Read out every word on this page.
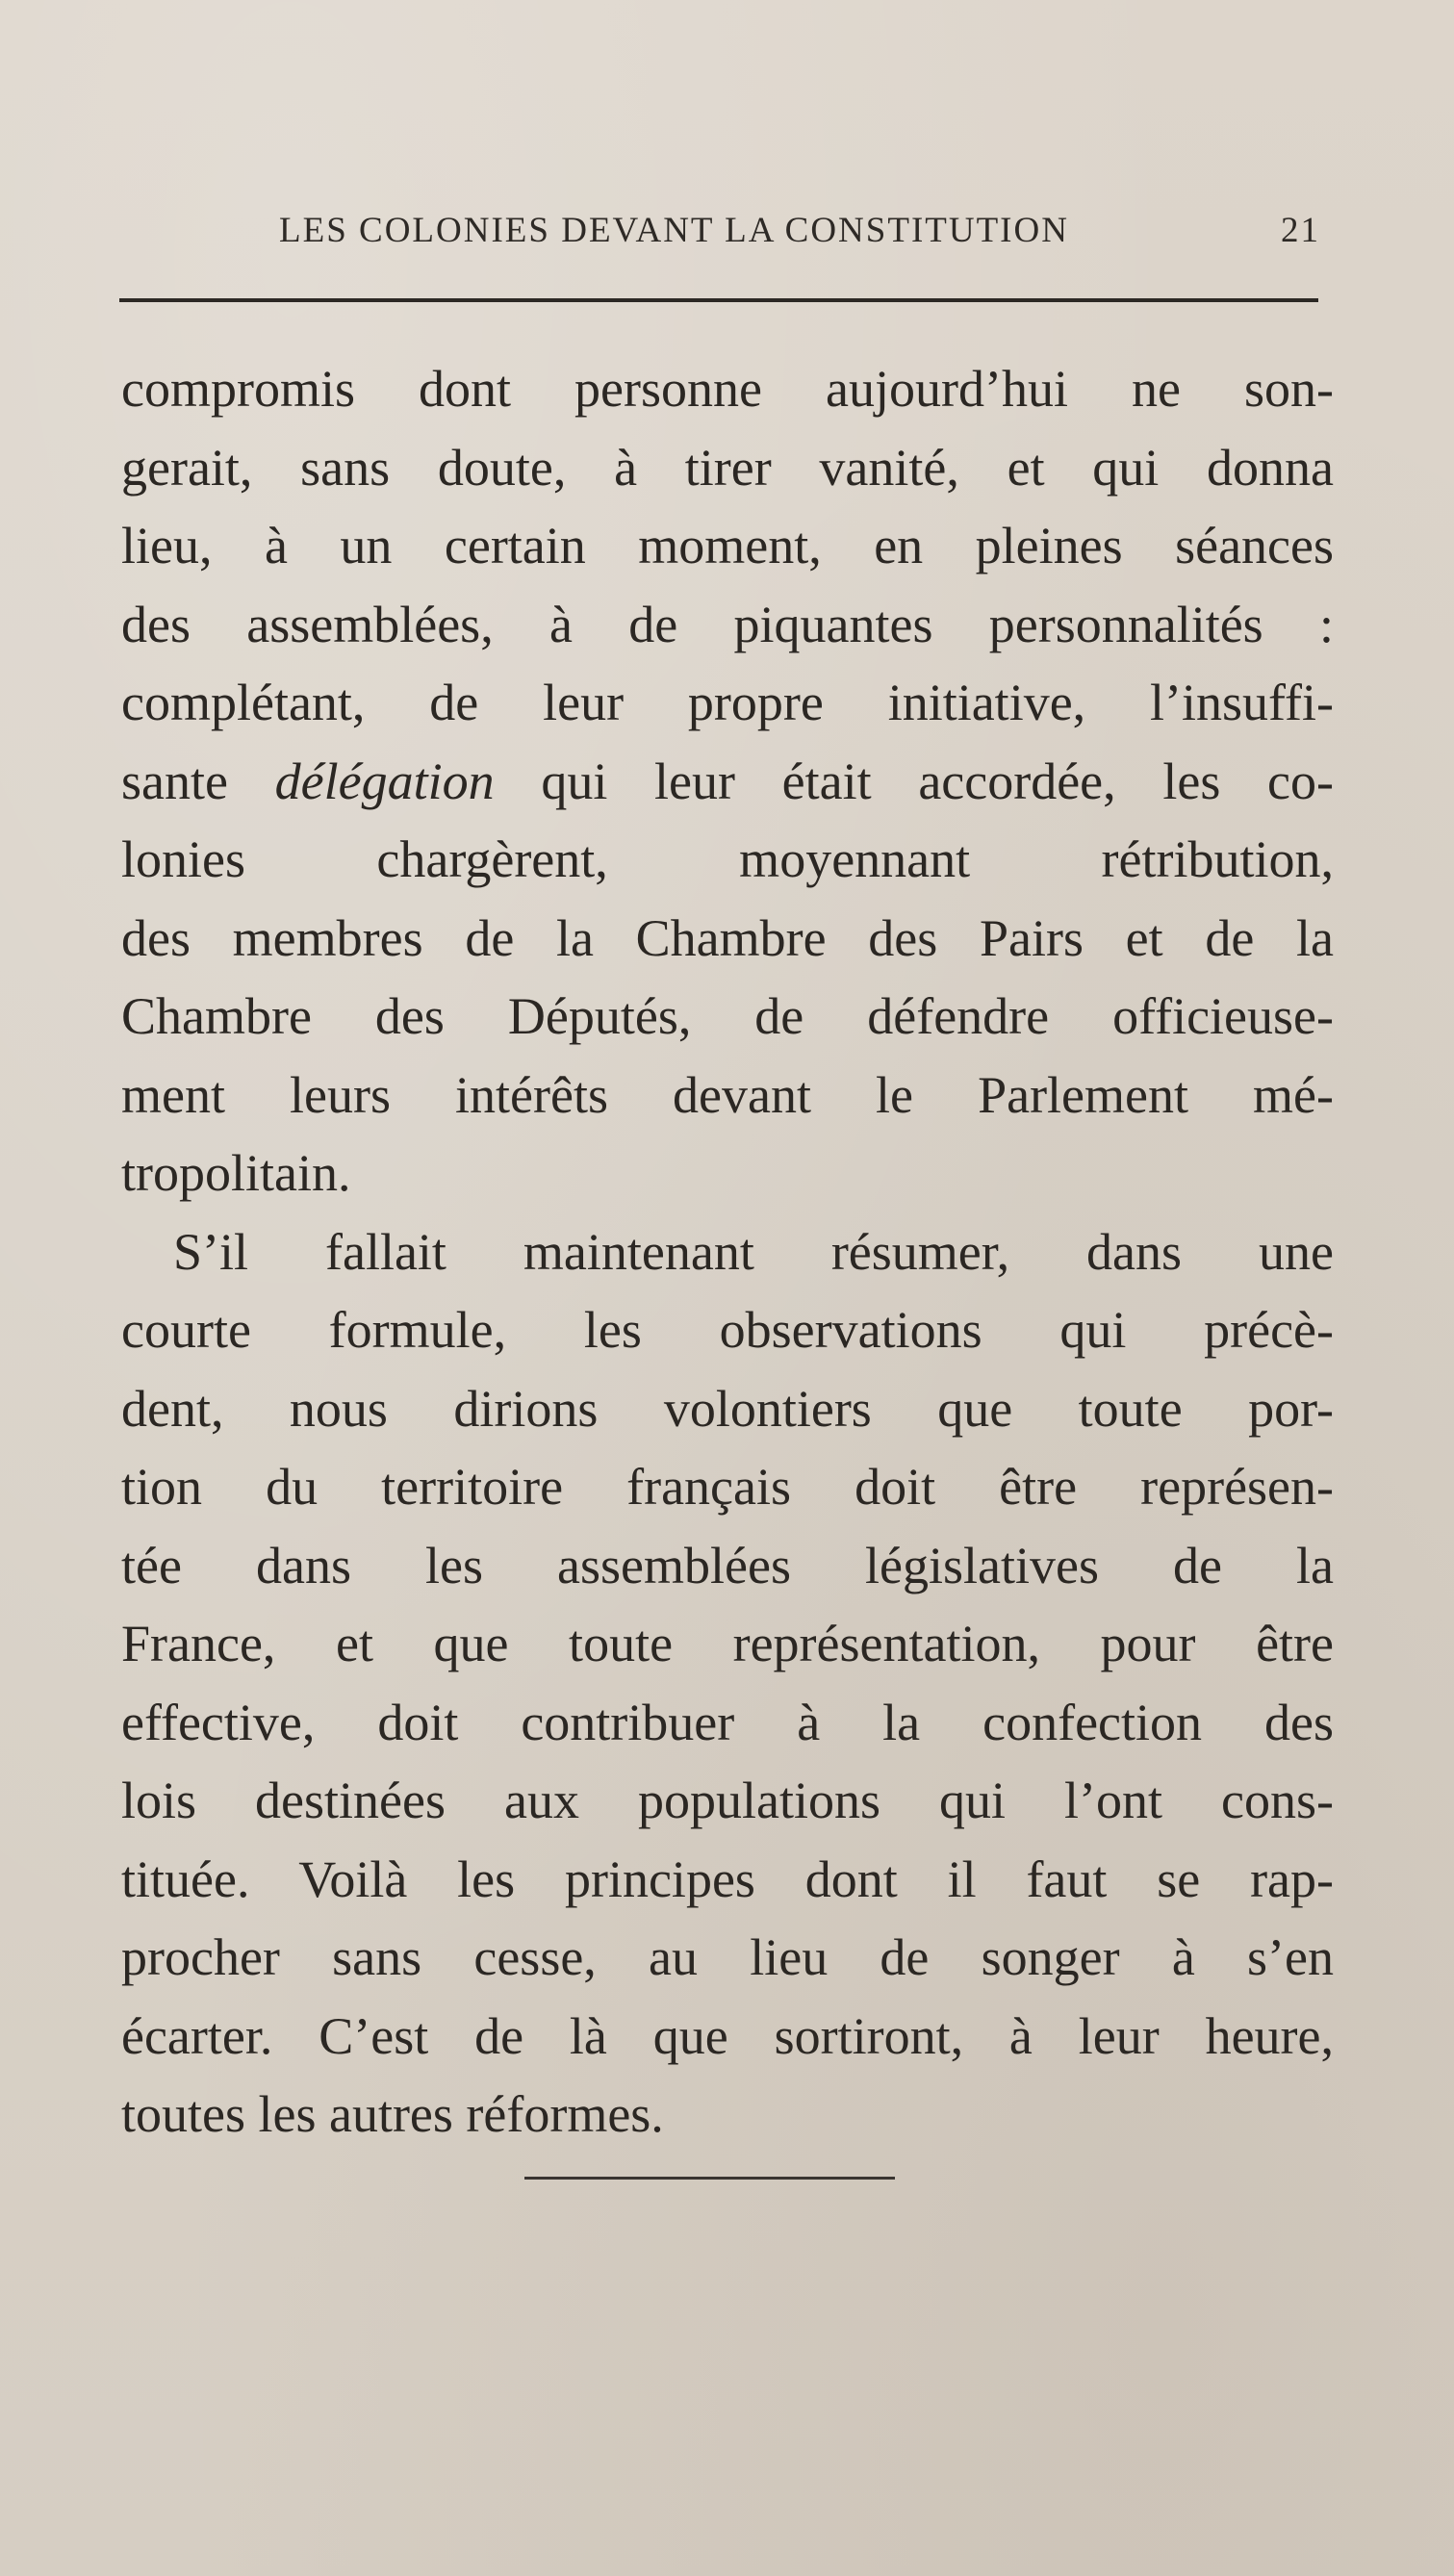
LES COLONIES DEVANT LA CONSTITUTION	21
compromis dont personne aujourd’hui ne son-
gerait, sans doute, à tirer vanité, et qui donna
lieu, à un certain moment, en pleines séances
des assemblées, à de piquantes personnalités :
complétant, de leur propre initiative, l’insuffi-
sante délégation qui leur était accordée, les co-
lonies chargèrent, moyennant rétribution,
des membres de la Chambre des Pairs et de la
Chambre des Députés, de défendre officieuse-
ment leurs intérêts devant le Parlement mé-
tropolitain.
S’il fallait maintenant résumer, dans une
courte formule, les observations qui précè-
dent, nous dirions volontiers que toute por-
tion du territoire français doit être représen-
tée dans les assemblées législatives de la
France, et que toute représentation, pour être
effective, doit contribuer à la confection des
lois destinées aux populations qui l’ont cons-
tituée. Voilà les principes dont il faut se rap-
procher sans cesse, au lieu de songer à s’en
écarter. C’est de là que sortiront, à leur heure,
toutes les autres réformes.
